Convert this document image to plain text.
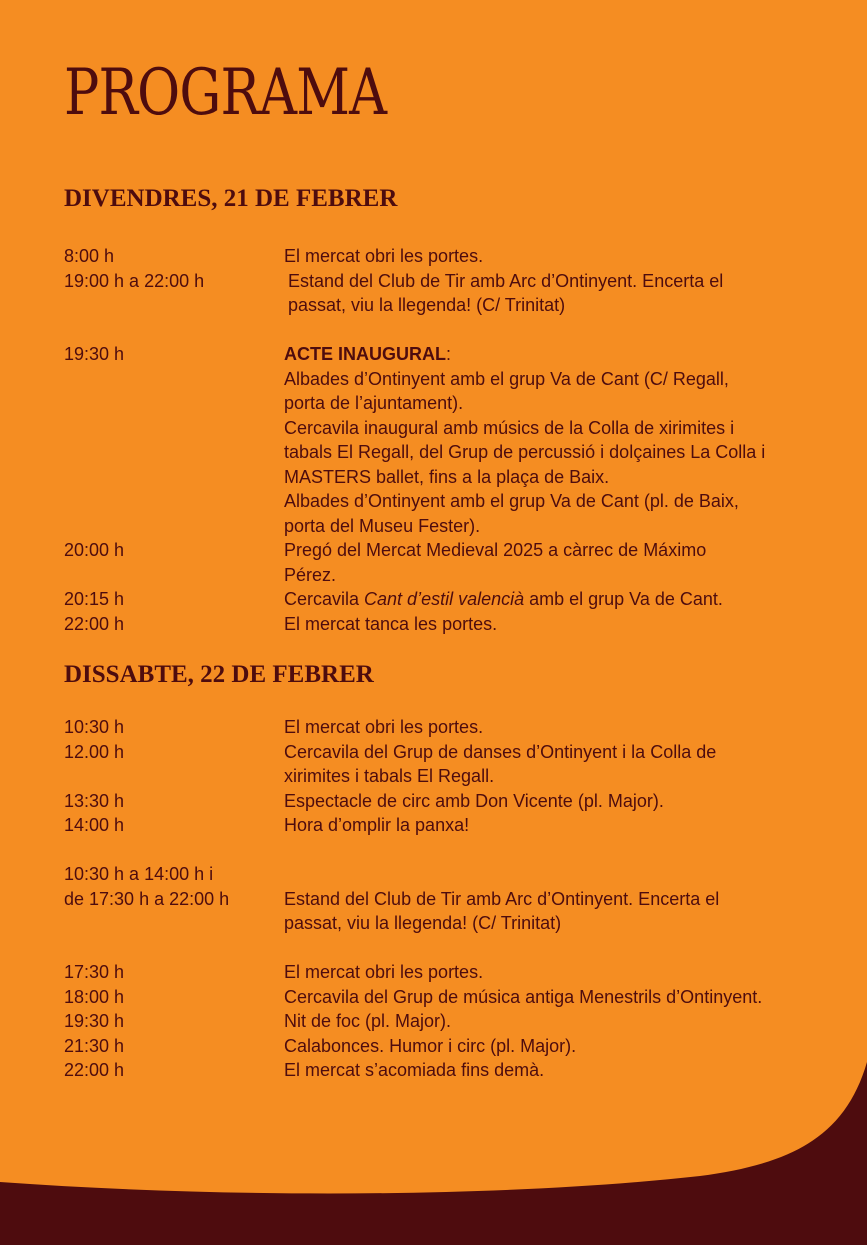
PROGRAMA
DIVENDRES, 21 DE FEBRER
8:00 h	El mercat obri les portes.
19:00 h a 22:00 h	Estand del Club de Tir amb Arc d’Ontinyent. Encerta el
passat, viu la llegenda! (C/ Trinitat)
19:30 h	ACTE INAUGURAL:
Albades d’Ontinyent amb el grup Va de Cant (C/ Regall,
porta de l’ajuntament).
Cercavila inaugural amb músics de la Colla de xirimites i
tabals El Regall, del Grup de percussió i dolçaines La Colla i
MASTERS ballet, fins a la plaça de Baix.
Albades d’Ontinyent amb el grup Va de Cant (pl. de Baix,
porta del Museu Fester).
20:00 h	Pregó del Mercat Medieval 2025 a càrrec de Máximo
Pérez.
20:15 h	Cercavila Cant d’estil valencià amb el grup Va de Cant.
22:00 h	El mercat tanca les portes.
DISSABTE, 22 DE FEBRER
10:30 h	El mercat obri les portes.
12.00 h	Cercavila del Grup de danses d’Ontinyent i la Colla de
xirimites i tabals El Regall.
13:30 h	Espectacle de circ amb Don Vicente (pl. Major).
14:00 h	Hora d’omplir la panxa!
10:30 h a 14:00 h i
de 17:30 h a 22:00 h	Estand del Club de Tir amb Arc d’Ontinyent. Encerta el
passat, viu la llegenda! (C/ Trinitat)
17:30 h	El mercat obri les portes.
18:00 h	Cercavila del Grup de música antiga Menestrils d’Ontinyent.
19:30 h	Nit de foc (pl. Major).
21:30 h	Calabonces. Humor i circ (pl. Major).
22:00 h	El mercat s’acomiada fins demà.
